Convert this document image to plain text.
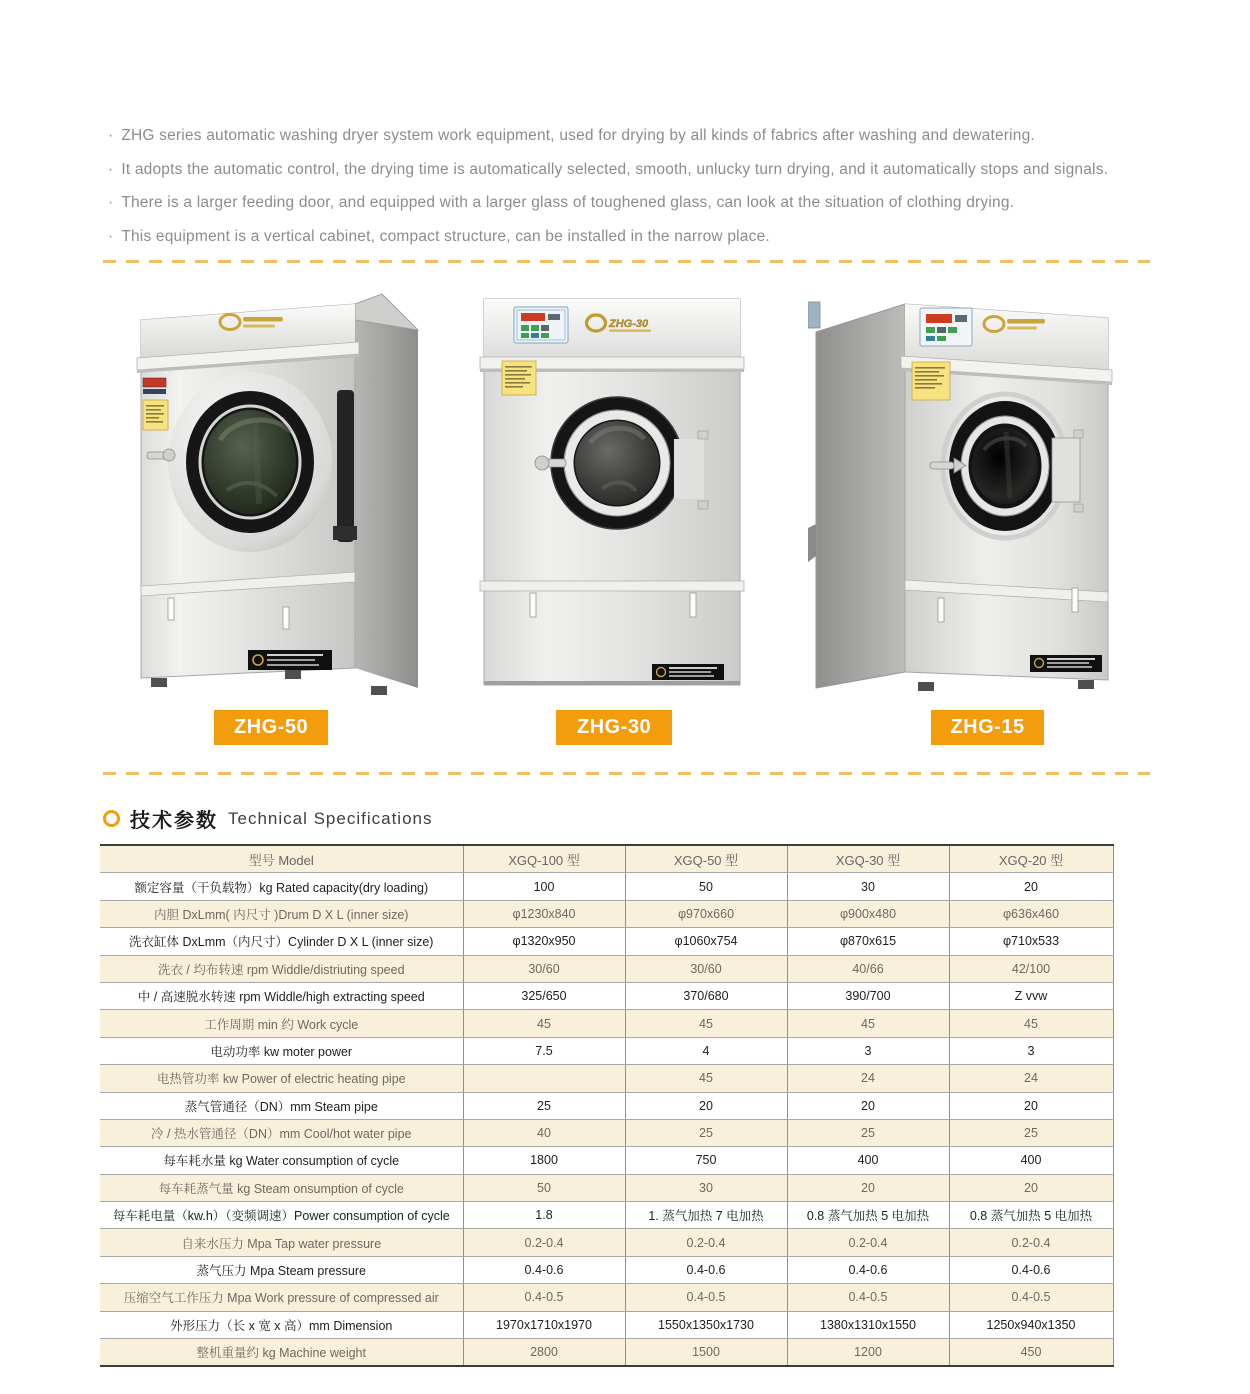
· ZHG series automatic washing dryer system work equipment, used for drying by all kinds of fabrics after washing and dewatering.
· It adopts the automatic control, the drying time is automatically selected, smooth, unlucky turn drying, and it automatically stops and signals.
· There is a larger feeding door, and equipped with a larger glass of toughened glass, can look at the situation of clothing drying.
· This equipment is a vertical cabinet, compact structure, can be installed in the narrow place.
ZHG-30
ZHG-50	ZHG-30	ZHG-15
技术参数 Technical Specifications
型号 Model	XGQ-100 型	XGQ-50 型	XGQ-30 型	XGQ-20 型
额定容量（干负载物）kg Rated capacity(dry loading)	100	50	30	20
内胆 DxLmm( 内尺寸 )Drum D X L (inner size)	φ1230x840	φ970x660	φ900x480	φ636x460
洗衣缸体 DxLmm（内尺寸）Cylinder D X L (inner size)	φ1320x950	φ1060x754	φ870x615	φ710x533
洗衣 / 均布转速 rpm Widdle/distriuting speed	30/60	30/60	40/66	42/100
中 / 高速脱水转速 rpm Widdle/high extracting speed	325/650	370/680	390/700	Z vvw
工作周期 min 约 Work cycle	45	45	45	45
电动功率 kw moter power	7.5	4	3	3
电热管功率 kw Power of electric heating pipe		45	24	24
蒸气管通径（DN）mm Steam pipe	25	20	20	20
冷 / 热水管通径（DN）mm Cool/hot water pipe	40	25	25	25
每车耗水量 kg Water consumption of cycle	1800	750	400	400
每车耗蒸气量 kg Steam onsumption of cycle	50	30	20	20
每车耗电量（kw.h）（变频调速）Power consumption of cycle	1.8	1. 蒸气加热 7 电加热	0.8 蒸气加热 5 电加热	0.8 蒸气加热 5 电加热
自来水压力 Mpa Tap water pressure	0.2-0.4	0.2-0.4	0.2-0.4	0.2-0.4
蒸气压力 Mpa Steam pressure	0.4-0.6	0.4-0.6	0.4-0.6	0.4-0.6
压缩空气工作压力 Mpa Work pressure of compressed air	0.4-0.5	0.4-0.5	0.4-0.5	0.4-0.5
外形压力（长 x 宽 x 高）mm Dimension	1970x1710x1970	1550x1350x1730	1380x1310x1550	1250x940x1350
整机重量约 kg Machine weight	2800	1500	1200	450
